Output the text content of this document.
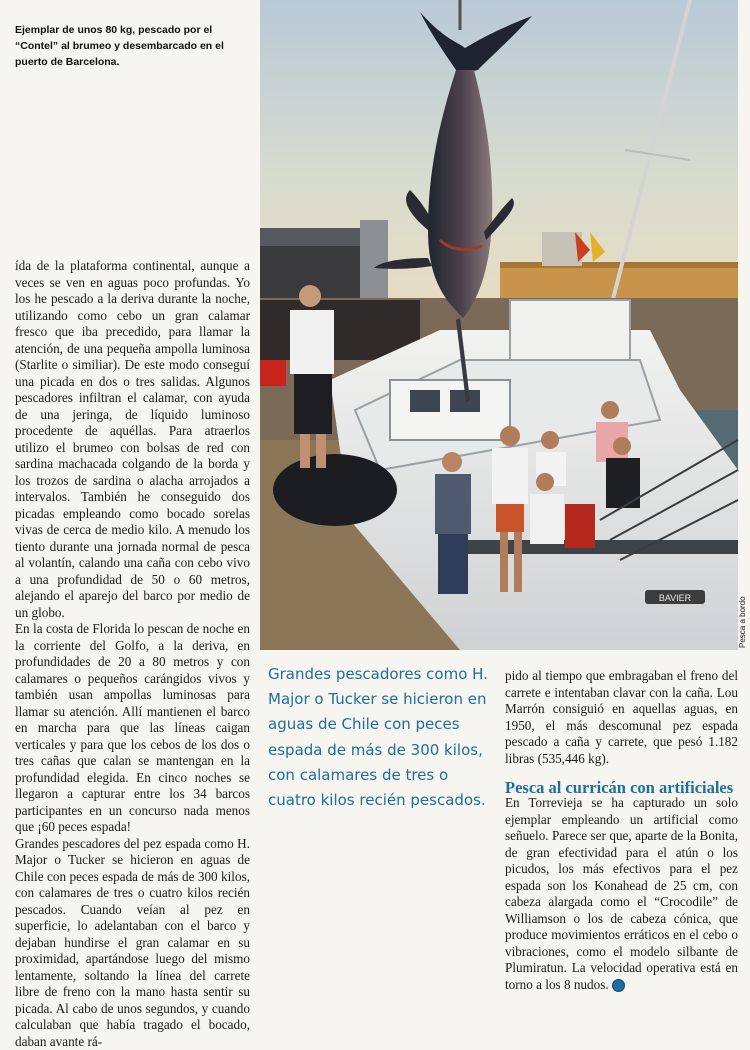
Ejemplar de unos 80 kg, pescado por el “Contel” al brumeo y desembarcado en el puerto de Barcelona.

ída de la plataforma continental, aunque a veces se ven en aguas poco profundas. Yo los he pescado a la deriva durante la noche, utilizando como cebo un gran calamar fresco que iba precedido, para llamar la atención, de una pequeña ampolla luminosa (Starlite o similiar). De este modo conseguí una picada en dos o tres salidas. Algunos pescadores infiltran el calamar, con ayuda de una jeringa, de líquido luminoso procedente de aquéllas. Para atraerlos utilizo el brumeo con bolsas de red con sardina machacada colgando de la borda y los trozos de sardina o alacha arrojados a intervalos. También he conseguido dos picadas empleando como bocado sorelas vivas de cerca de medio kilo. A menudo los tiento durante una jornada normal de pesca al volantín, calando una caña con cebo vivo a una profundidad de 50 o 60 metros, alejando el aparejo del barco por medio de un globo.

En la costa de Florida lo pescan de noche en la corriente del Golfo, a la deriva, en profundidades de 20 a 80 metros y con calamares o pequeños carángidos vivos y también usan ampollas luminosas para llamar su atención. Allí mantienen el barco en marcha para que las líneas caigan verticales y para que los cebos de los dos o tres cañas que calan se mantengan en la profundidad elegida. En cinco noches se llegaron a capturar entre los 34 barcos participantes en un concurso nada menos que ¡60 peces espada!

Grandes pescadores del pez espada como H. Major o Tucker se hicieron en aguas de Chile con peces espada de más de 300 kilos, con calamares de tres o cuatro kilos recién pescados. Cuando veían al pez en superficie, lo adelantaban con el barco y dejaban hundirse el gran calamar en su proximidad, apartándose luego del mismo lentamente, soltando la línea del carrete libre de freno con la mano hasta sentir su picada. Al cabo de unos segundos, y cuando calculaban que había tragado el bocado, daban avante rá-

BAVIER	Pesca a bordo
Grandes pescadores como H. Major o Tucker se hicieron en aguas de Chile con peces espada de más de 300 kilos, con calamares de tres o cuatro kilos recién pescados.

pido al tiempo que embragaban el freno del carrete e intentaban clavar con la caña. Lou Marrón consiguió en aquellas aguas, en 1950, el más descomunal pez espada pescado a caña y carrete, que pesó 1.182 libras (535,446 kg).

Pesca al curricán con artificiales

En Torrevieja se ha capturado un solo ejemplar empleando un artificial como señuelo. Parece ser que, aparte de la Bonita, de gran efectividad para el atún o los picudos, los más efectivos para el pez espada son los Konahead de 25 cm, con cabeza alargada como el “Crocodile” de Williamson o los de cabeza cónica, que produce movimientos erráticos en el cebo o vibraciones, como el modelo silbante de Plumiratun. La velocidad operativa está en torno a los 8 nudos.
